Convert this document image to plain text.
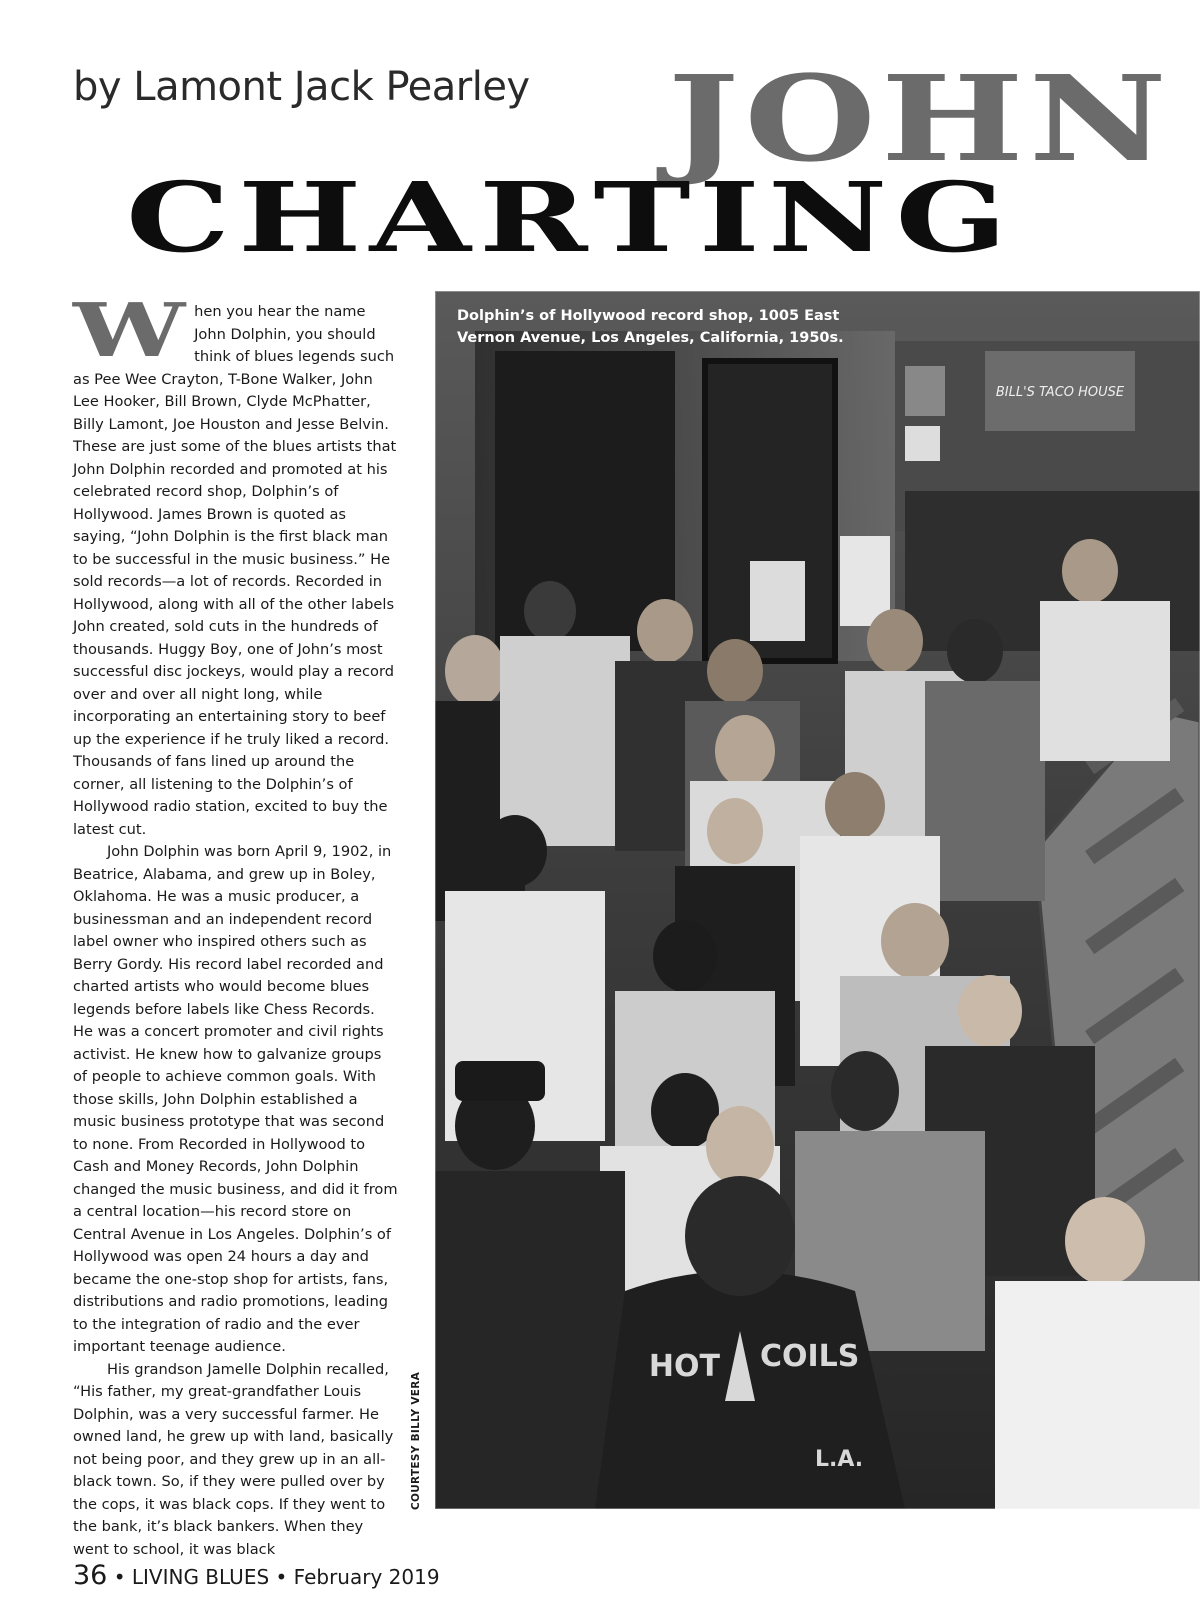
by Lamont Jack Pearley JOHN
CHARTING

When you hear the name John Dolphin, you should think of blues legends such as Pee Wee Crayton, T-Bone Walker, John Lee Hooker, Bill Brown, Clyde McPhatter, Billy Lamont, Joe Houston and Jesse Belvin. These are just some of the blues artists that John Dolphin recorded and promoted at his celebrated record shop, Dolphin’s of Hollywood. James Brown is quoted as saying, “John Dolphin is the first black man to be successful in the music business.” He sold records—a lot of records. Recorded in Hollywood, along with all of the other labels John created, sold cuts in the hundreds of thousands. Huggy Boy, one of John’s most successful disc jockeys, would play a record over and over all night long, while incorporating an entertaining story to beef up the experience if he truly liked a record. Thousands of fans lined up around the corner, all listening to the Dolphin’s of Hollywood radio station, excited to buy the latest cut.

John Dolphin was born April 9, 1902, in Beatrice, Alabama, and grew up in Boley, Oklahoma. He was a music producer, a businessman and an independent record label owner who inspired others such as Berry Gordy. His record label recorded and charted artists who would become blues legends before labels like Chess Records. He was a concert promoter and civil rights activist. He knew how to galvanize groups of people to achieve common goals. With those skills, John Dolphin established a music business prototype that was second to none. From Recorded in Hollywood to Cash and Money Records, John Dolphin changed the music business, and did it from a central location—his record store on Central Avenue in Los Angeles. Dolphin’s of Hollywood was open 24 hours a day and became the one-stop shop for artists, fans, distributions and radio promotions, leading to the integration of radio and the ever important teenage audience.

His grandson Jamelle Dolphin recalled, “His father, my great-grandfather Louis Dolphin, was a very successful farmer. He owned land, he grew up with land, basically not being poor, and they grew up in an all-black town. So, if they were pulled over by the cops, it was black cops. If they went to the bank, it’s black bankers. When they went to school, it was black

BILL'S TACO HOUSE
HOT COILS
L.A.
Dolphin’s of Hollywood record shop, 1005 East Vernon Avenue, Los Angeles, California, 1950s.
COURTESY BILLY VERA
36 • LIVING BLUES • February 2019
